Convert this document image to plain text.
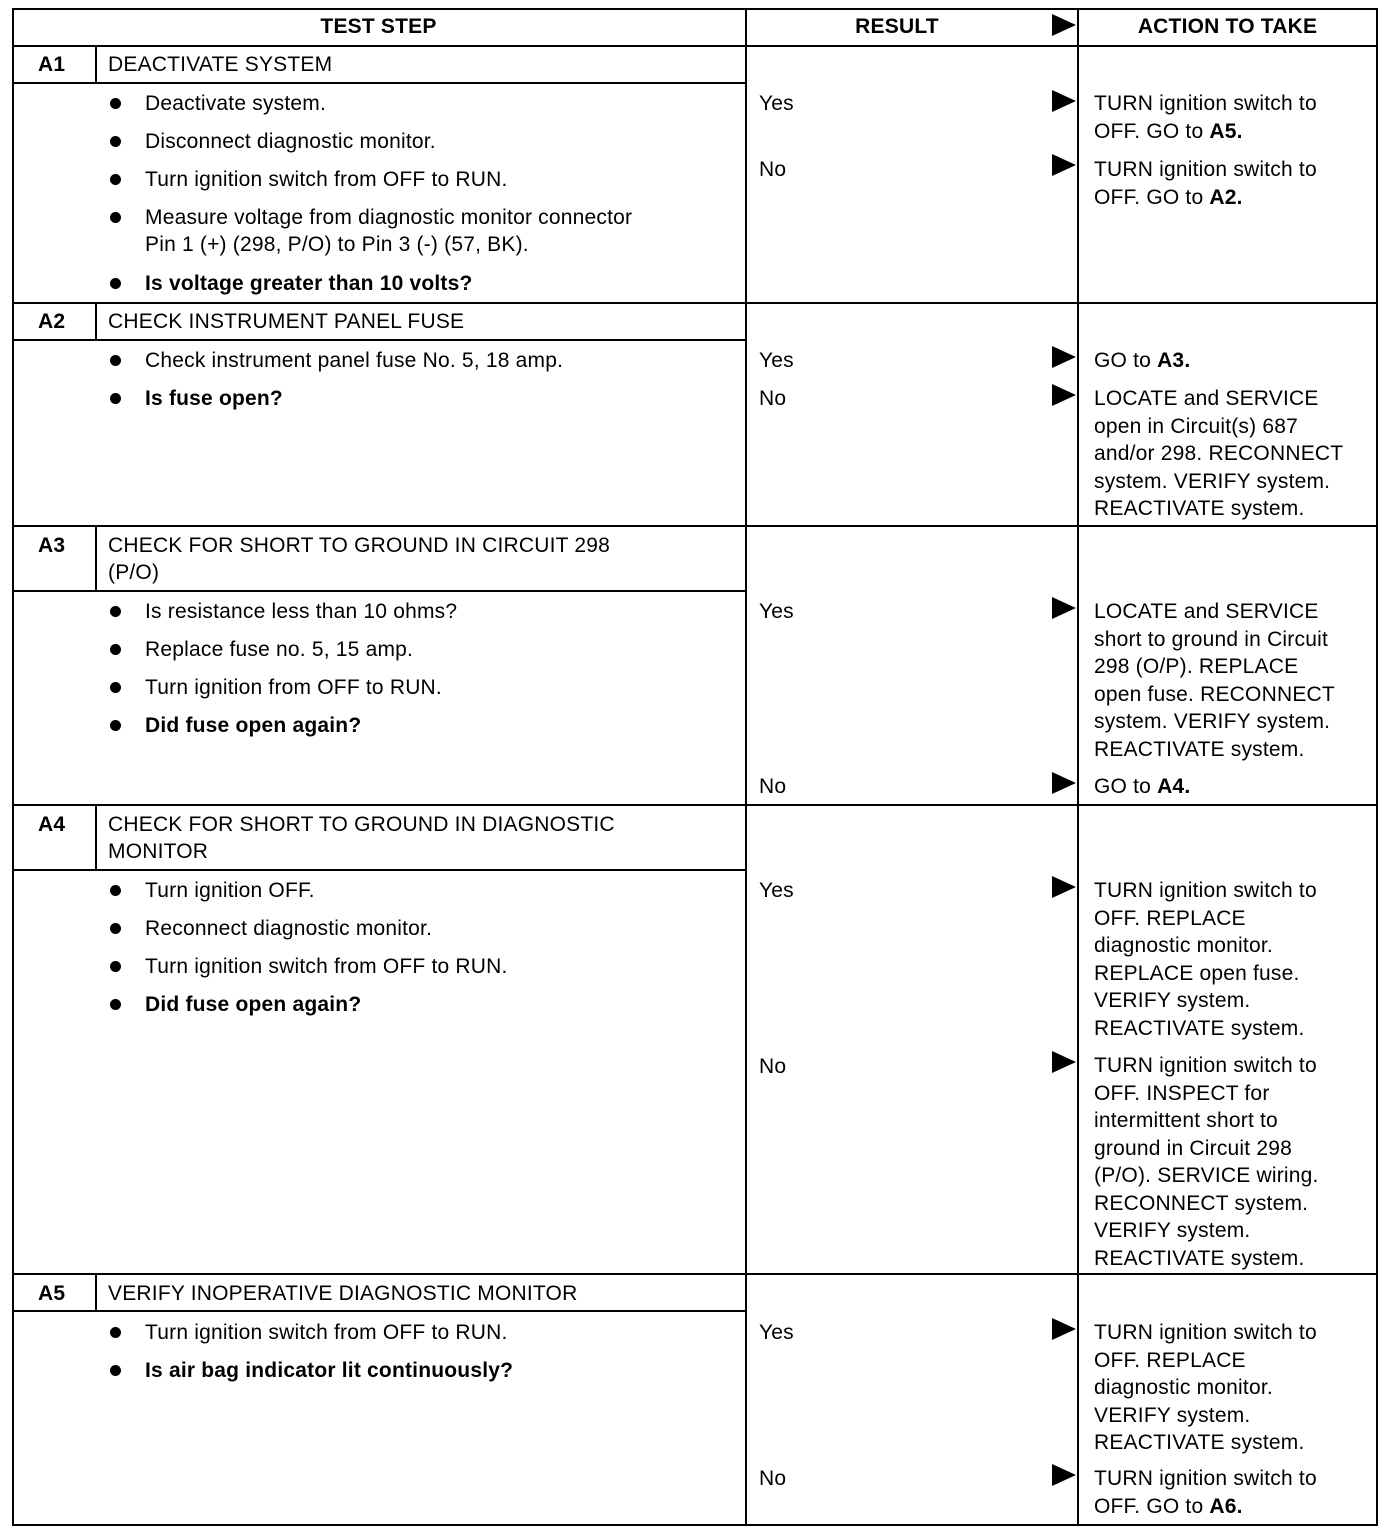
TEST STEP	RESULT	ACTION TO TAKE
A1 DEACTIVATE SYSTEM
Deactivate system.
Disconnect diagnostic monitor.
Turn ignition switch from OFF to RUN.
Measure voltage from diagnostic monitor connector
Pin 1 (+) (298, P/O) to Pin 3 (-) (57, BK).
Is voltage greater than 10 volts?
Yes	TURN ignition switch to
OFF. GO to A5.
No	TURN ignition switch to
OFF. GO to A2.
A2 CHECK INSTRUMENT PANEL FUSE
Check instrument panel fuse No. 5, 18 amp.
Is fuse open?
Yes	GO to A3.
No	LOCATE and SERVICE
open in Circuit(s) 687
and/or 298. RECONNECT
system. VERIFY system.
REACTIVATE system.
A3 CHECK FOR SHORT TO GROUND IN CIRCUIT 298
(P/O)
Is resistance less than 10 ohms?
Replace fuse no. 5, 15 amp.
Turn ignition from OFF to RUN.
Did fuse open again?
Yes	LOCATE and SERVICE
short to ground in Circuit
298 (O/P). REPLACE
open fuse. RECONNECT
system. VERIFY system.
REACTIVATE system.
No	GO to A4.
A4 CHECK FOR SHORT TO GROUND IN DIAGNOSTIC
MONITOR
Turn ignition OFF.
Reconnect diagnostic monitor.
Turn ignition switch from OFF to RUN.
Did fuse open again?
Yes	TURN ignition switch to
OFF. REPLACE
diagnostic monitor.
REPLACE open fuse.
VERIFY system.
REACTIVATE system.
No	TURN ignition switch to
OFF. INSPECT for
intermittent short to
ground in Circuit 298
(P/O). SERVICE wiring.
RECONNECT system.
VERIFY system.
REACTIVATE system.
A5 VERIFY INOPERATIVE DIAGNOSTIC MONITOR
Turn ignition switch from OFF to RUN.
Is air bag indicator lit continuously?
Yes	TURN ignition switch to
OFF. REPLACE
diagnostic monitor.
VERIFY system.
REACTIVATE system.
No	TURN ignition switch to
OFF. GO to A6.
